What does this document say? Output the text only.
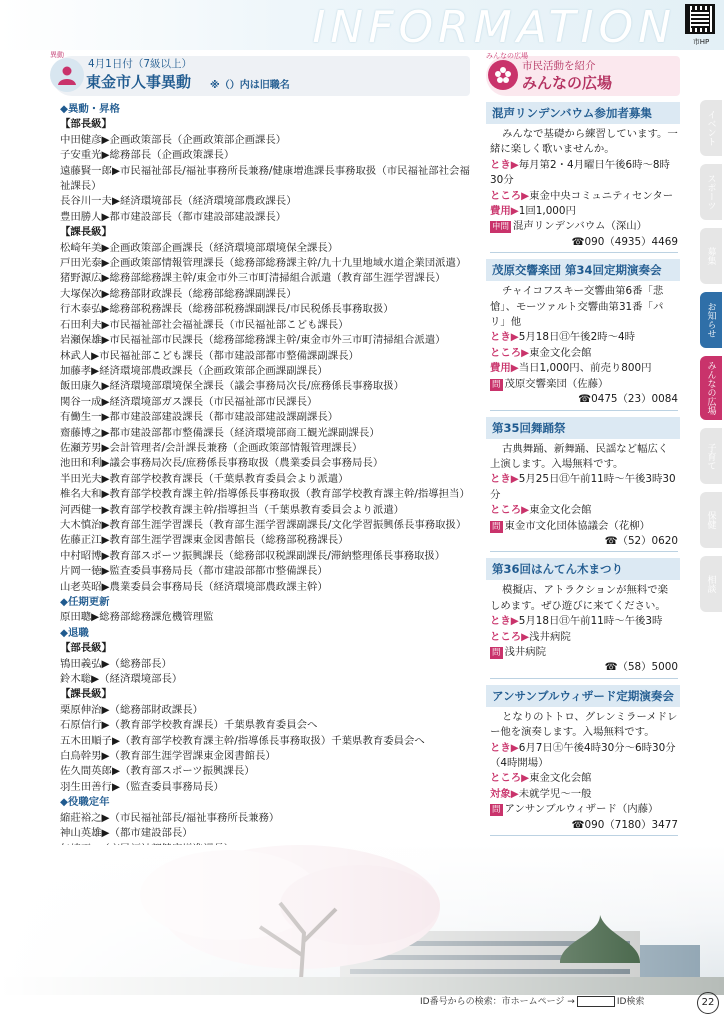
INFORMATION	市HP
異動
4月1日付（7級以上）
東金市人事異動 ※（）内は旧職名
◆異動・昇格
【部長級】
中田健彦▶企画政策部長（企画政策部企画課長）
子安重光▶総務部長（企画政策課長）
遠藤賢一郎▶市民福祉部長/福祉事務所長兼務/健康增進課長事務取扱（市民福祉部社会福祉課長）
長谷川一夫▶経済環境部長（経済環境部農政課長）
豊田勝人▶都市建設部長（都市建設部建設課長）
【課長級】
松崎年美▶企画政策部企画課長（経済環境部環境保全課長）
戸田光泰▶企画政策部情報管理課長（総務部総務課主幹/九十九里地域水道企業団派遣）
猪野源広▶総務部総務課主幹/東金市外三市町清掃組合派遣（教育部生涯学習課長）
大塚保次▶総務部財政課長（総務部総務課副課長）
行木泰弘▶総務部税務課長（総務部税務課副課長/市民税係長事務取扱）
石田利夫▶市民福祉部社会福祉課長（市民福祉部こども課長）
岩瀬保雄▶市民福祉部市民課長（総務部総務課主幹/東金市外三市町清掃組合派遣）
林武人▶市民福祉部こども課長（都市建設部都市整備課副課長）
加藤孝▶経済環境部農政課長（企画政策部企画課副課長）
飯田康久▶経済環境部環境保全課長（議会事務局次長/庶務係長事務取扱）
関谷一成▶経済環境部ガス課長（市民福祉部市民課長）
有働生一▶都市建設部建設課長（都市建設部建設課副課長）
齋藤博之▶都市建設部都市整備課長（経済環境部商工観光課副課長）
佐瀬芳男▶会計管理者/会計課長兼務（企画政策部情報管理課長）
池田和利▶議会事務局次長/庶務係長事務取扱（農業委員会事務局長）
半田光夫▶教育部学校教育課長（千葉県教育委員会より派遣）
椎名大和▶教育部学校教育課主幹/指導係長事務取扱（教育部学校教育課主幹/指導担当）
河西健一▶教育部学校教育課主幹/指導担当（千葉県教育委員会より派遣）
大木慎治▶教育部生涯学習課長（教育部生涯学習課副課長/文化学習振興係長事務取扱）
佐藤正江▶教育部生涯学習課東金図書館長（総務部税務課長）
中村昭博▶教育部スポーツ振興課長（総務部収税課副課長/滞納整理係長事務取扱）
片岡一徳▶監査委員事務局長（都市建設部都市整備課長）
山老英昭▶農業委員会事務局長（経済環境部農政課主幹）
◆任期更新
原田聰▶総務部総務課危機管理監
◆退職
【部長級】
鴇田義弘▶（総務部長）
鈴木聡▶（経済環境部長）
【課長級】
栗原伸治▶（総務部財政課長）
石原信行▶（教育部学校教育課長）千葉県教育委員会へ
五木田順子▶（教育部学校教育課主幹/指導係長事務取扱）千葉県教育委員会へ
白鳥幹男▶（教育部生涯学習課東金図書館長）
佐久間英郎▶（教育部スポーツ振興課長）
羽生田善行▶（監査委員事務局長）
◆役職定年
縮莊裕之▶（市民福祉部長/福祉事務所長兼務）
神山英雄▶（都市建設部長）
みんなの広場
市民活動を紹介
みんなの広場
混声リンデンバウム参加者募集
みんなで基礎から練習しています。一緒に楽しく歌いませんか。
とき▶毎月第2・4月曜日午後6時～8時30分
ところ▶東金中央コミュニティセンター
費用▶1回1,000円
申問 混声リンデンバウム（深山）
☎090（4935）4469
茂原交響楽団 第34回定期演奏会
チャイコフスキー交響曲第6番「悲愴」、モーツァルト交響曲第31番「パリ」他
とき▶5月18日㊐午後2時～4時
ところ▶東金文化会館
費用▶当日1,000円、前売り800円
問 茂原交響楽団（佐藤）
☎0475（23）0084
第35回舞踊祭
古典舞踊、新舞踊、民謡など幅広く上演します。入場無料です。
とき▶5月25日㊐午前11時～午後3時30分
ところ▶東金文化会館
問 東金市文化団体協議会（花柳）
☎（52）0620
第36回はんてん木まつり
模擬店、アトラクションが無料で楽しめます。ぜひ遊びに来てください。
とき▶5月18日㊐午前11時～午後3時
ところ▶浅井病院
問 浅井病院
☎（58）5000
アンサンブルウィザード定期演奏会
となりのトトロ、グレンミラーメドレー他を演奏します。入場無料です。
とき▶6月7日㊏午後4時30分～6時30分（4時開場）
ところ▶東金文化会館
対象▶未就学児～一般
問 アンサンブルウィザード（内藤）
☎090（7180）3477
イベント
スポーツ
募集
お知らせ
みんなの広場
子育て
保健
相談
ID番号からの検索：市ホームページ →	ID検索	22
